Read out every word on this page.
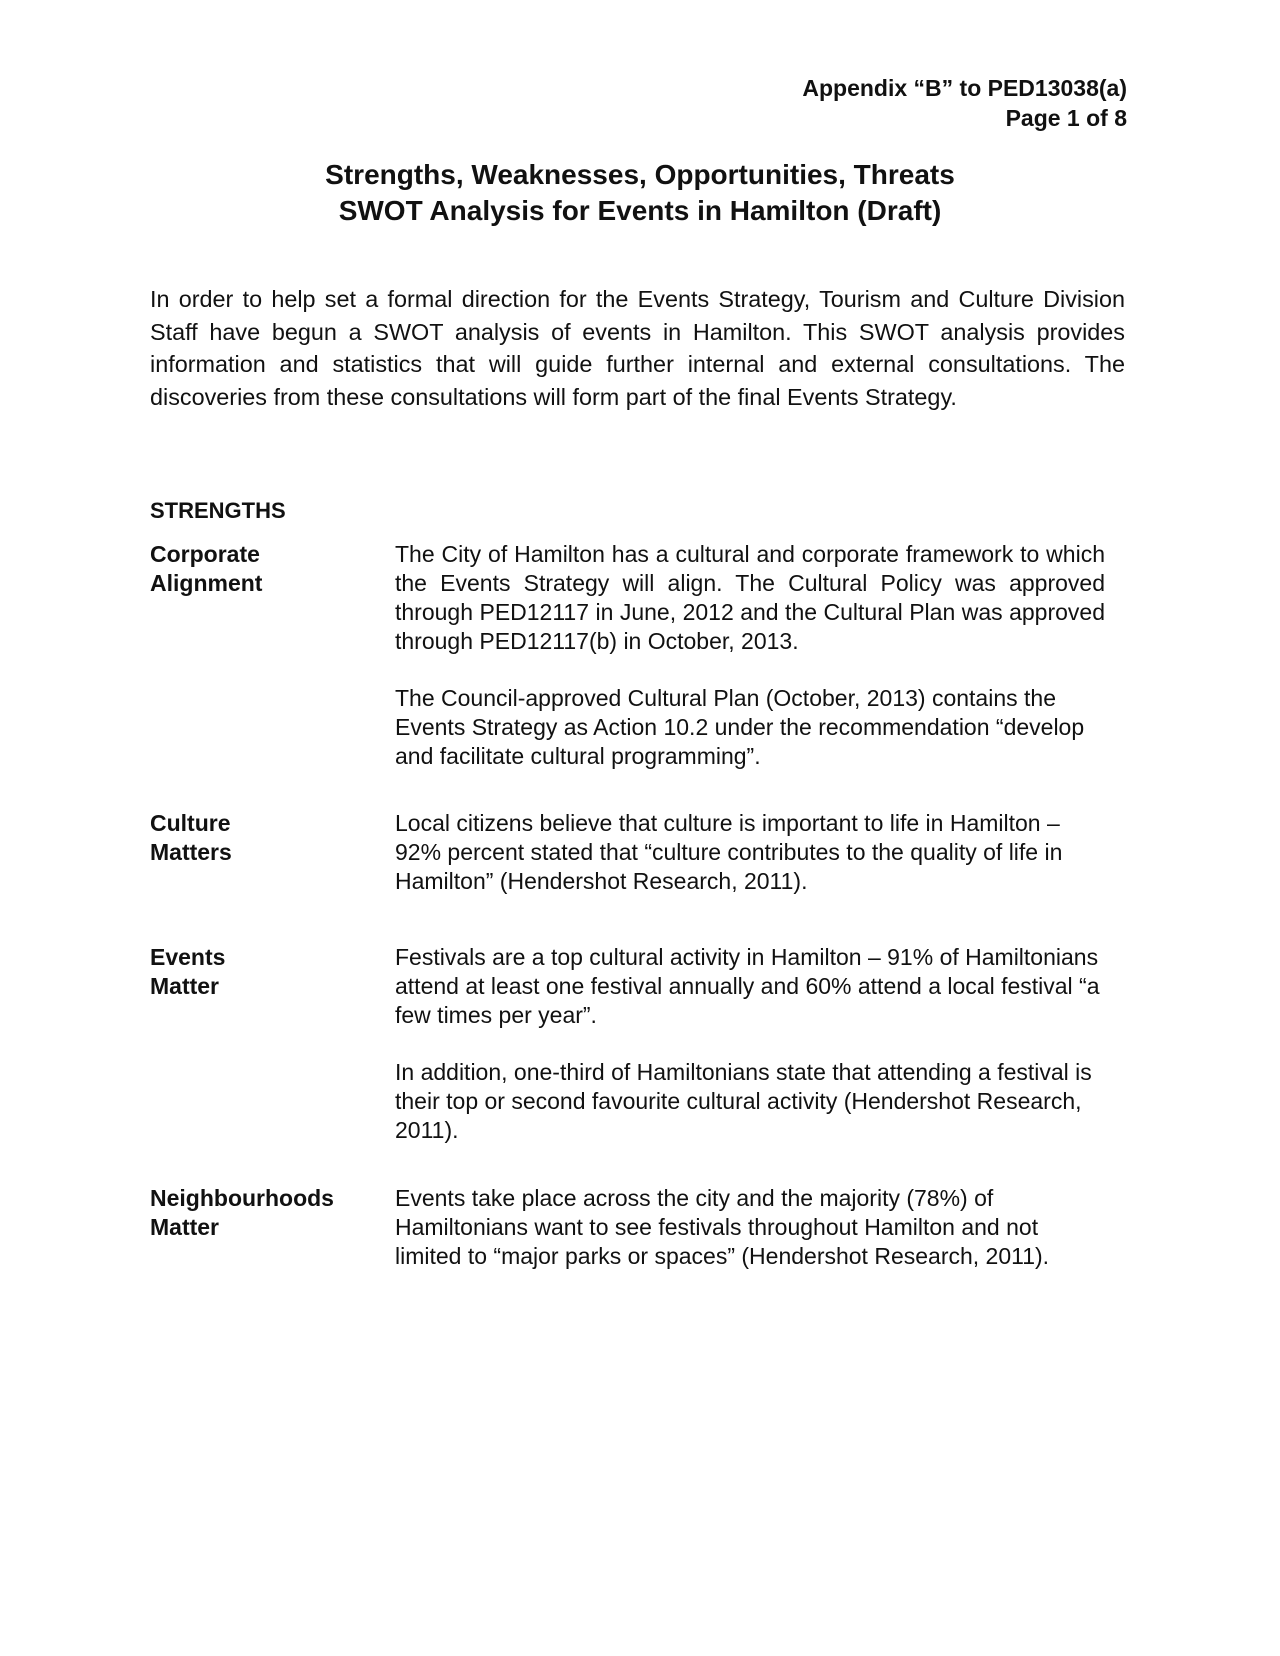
Appendix “B” to PED13038(a)
Page 1 of 8
Strengths, Weaknesses, Opportunities, Threats
SWOT Analysis for Events in Hamilton (Draft)

In order to help set a formal direction for the Events Strategy, Tourism and Culture Division Staff have begun a SWOT analysis of events in Hamilton. This SWOT analysis provides information and statistics that will guide further internal and external consultations. The discoveries from these consultations will form part of the final Events Strategy.

STRENGTHS
Corporate
Alignment

The City of Hamilton has a cultural and corporate framework to which the Events Strategy will align. The Cultural Policy was approved through PED12117 in June, 2012 and the Cultural Plan was approved through PED12117(b) in October, 2013.

The Council-approved Cultural Plan (October, 2013) contains the Events Strategy as Action 10.2 under the recommendation “develop and facilitate cultural programming”.

Culture
Matters

Local citizens believe that culture is important to life in Hamilton – 92% percent stated that “culture contributes to the quality of life in Hamilton” (Hendershot Research, 2011).

Events
Matter

Festivals are a top cultural activity in Hamilton – 91% of Hamiltonians attend at least one festival annually and 60% attend a local festival “a few times per year”.

In addition, one-third of Hamiltonians state that attending a festival is their top or second favourite cultural activity (Hendershot Research, 2011).

Neighbourhoods
Matter

Events take place across the city and the majority (78%) of Hamiltonians want to see festivals throughout Hamilton and not limited to “major parks or spaces” (Hendershot Research, 2011).
